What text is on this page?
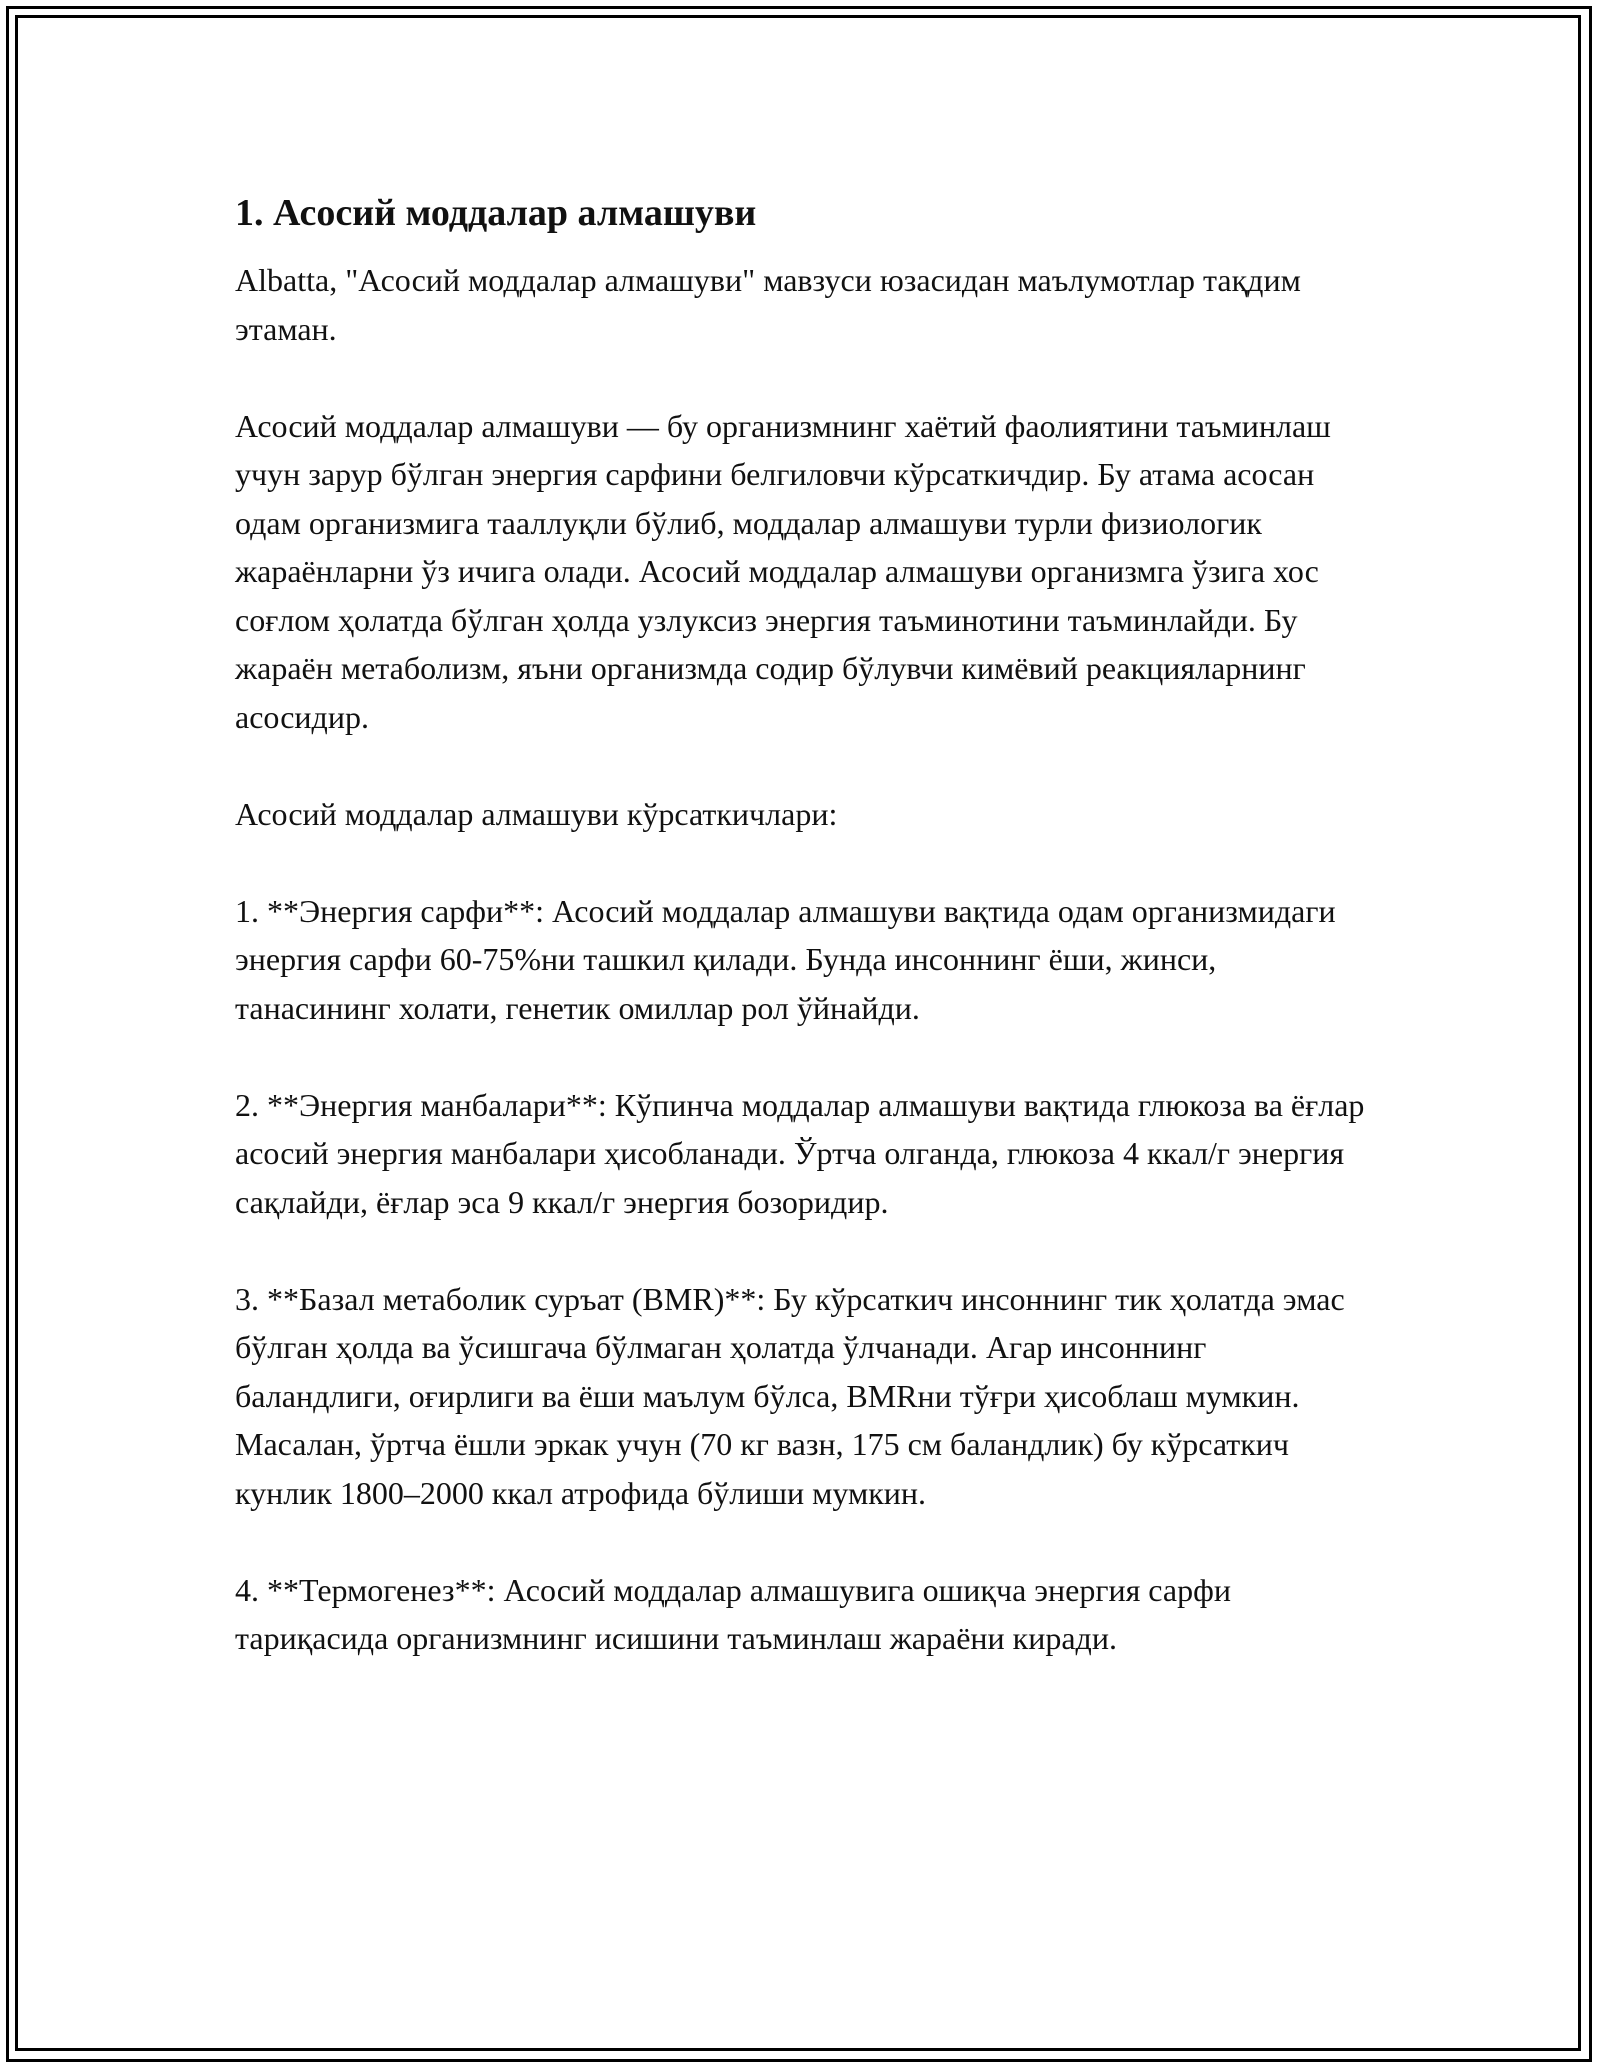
1. Асосий моддалар алмашуви

Albatta, "Асосий моддалар алмашуви" мавзуси юзасидан маълумотлар тақдим этаман.

Асосий моддалар алмашуви — бу организмнинг хаётий фаолиятини таъминлаш учун зарур бўлган энергия сарфини белгиловчи кўрсаткичдир. Бу атама асосан одам организмига тааллуқли бўлиб, моддалар алмашуви турли физиологик жараёнларни ўз ичига олади. Асосий моддалар алмашуви организмга ўзига хос соғлом ҳолатда бўлган ҳолда узлуксиз энергия таъминотини таъминлайди. Бу жараён метаболизм, яъни организмда содир бўлувчи кимёвий реакцияларнинг асосидир.

Асосий моддалар алмашуви кўрсаткичлари:

1. **Энергия сарфи**: Асосий моддалар алмашуви вақтида одам организмидаги энергия сарфи 60-75%ни ташкил қилади. Бунда инсоннинг ёши, жинси, танасининг холати, генетик омиллар рол ўйнайди.

2. **Энергия манбалари**: Кўпинча моддалар алмашуви вақтида глюкоза ва ёғлар асосий энергия манбалари ҳисобланади. Ўртча олганда, глюкоза 4 ккал/г энергия сақлайди, ёғлар эса 9 ккал/г энергия бозоридир.

3. **Базал метаболик суръат (BMR)**: Бу кўрсаткич инсоннинг тик ҳолатда эмас бўлган ҳолда ва ўсишгача бўлмаган ҳолатда ўлчанади. Агар инсоннинг баландлиги, оғирлиги ва ёши маълум бўлса, BMRни тўғри ҳисоблаш мумкин. Масалан, ўртча ёшли эркак учун (70 кг вазн, 175 см баландлик) бу кўрсаткич кунлик 1800–2000 ккал атрофида бўлиши мумкин.

4. **Термогенез**: Асосий моддалар алмашувига ошиқча энергия сарфи тариқасида организмнинг исишини таъминлаш жараёни киради.
